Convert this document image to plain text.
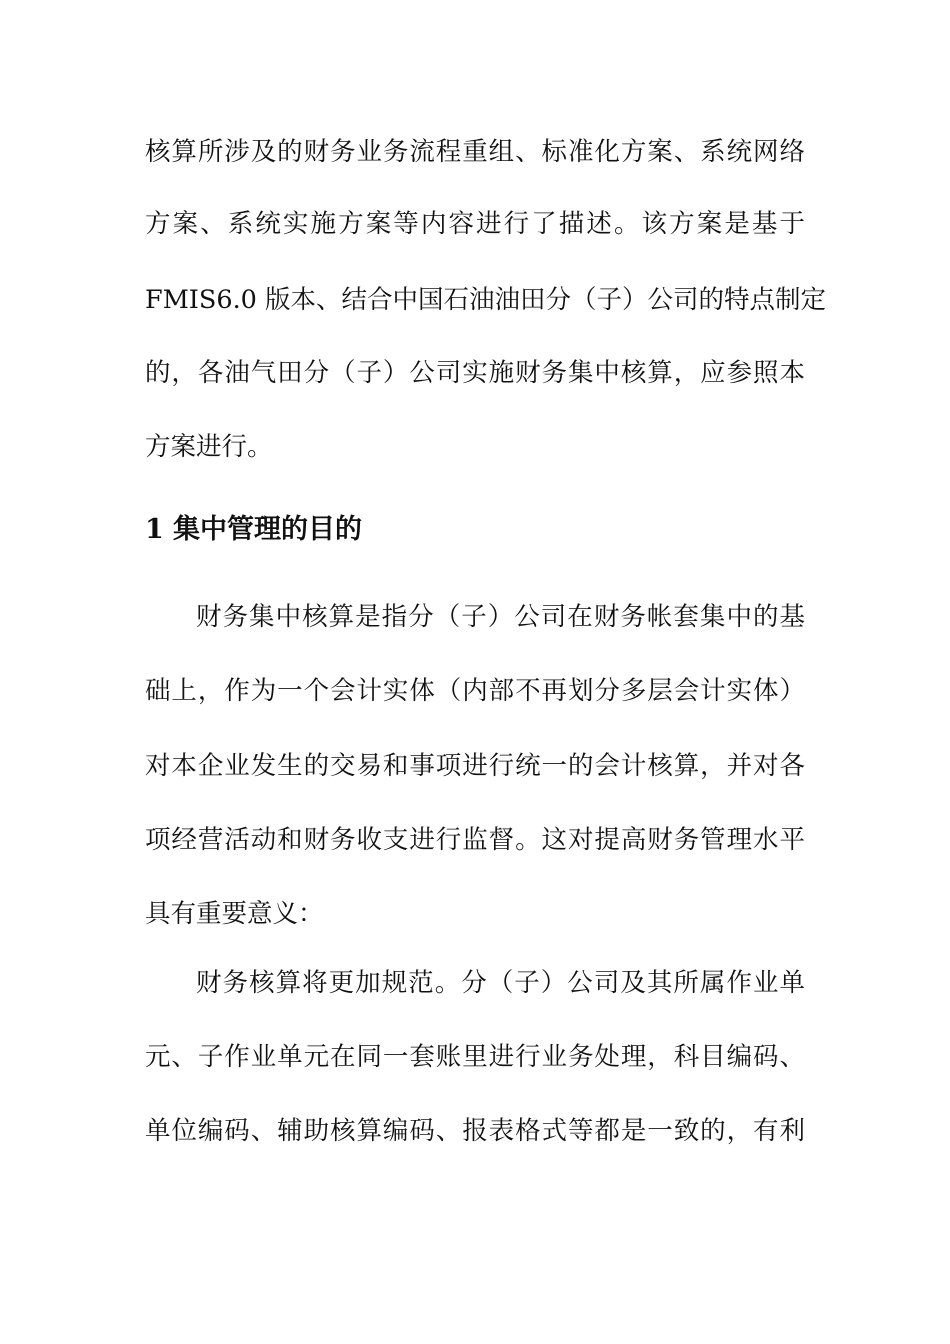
核算所涉及的财务业务流程重组、标准化方案、系统网络
方案、系统实施方案等内容进行了描述。该方案是基于
FMIS6.0 版本、结合中国石油油田分（子）公司的特点制定
的，各油气田分（子）公司实施财务集中核算，应参照本
方案进行。
1 集中管理的目的
财务集中核算是指分（子）公司在财务帐套集中的基
础上，作为一个会计实体（内部不再划分多层会计实体）
对本企业发生的交易和事项进行统一的会计核算，并对各
项经营活动和财务收支进行监督。这对提高财务管理水平
具有重要意义：
财务核算将更加规范。分（子）公司及其所属作业单
元、子作业单元在同一套账里进行业务处理，科目编码、
单位编码、辅助核算编码、报表格式等都是一致的，有利
